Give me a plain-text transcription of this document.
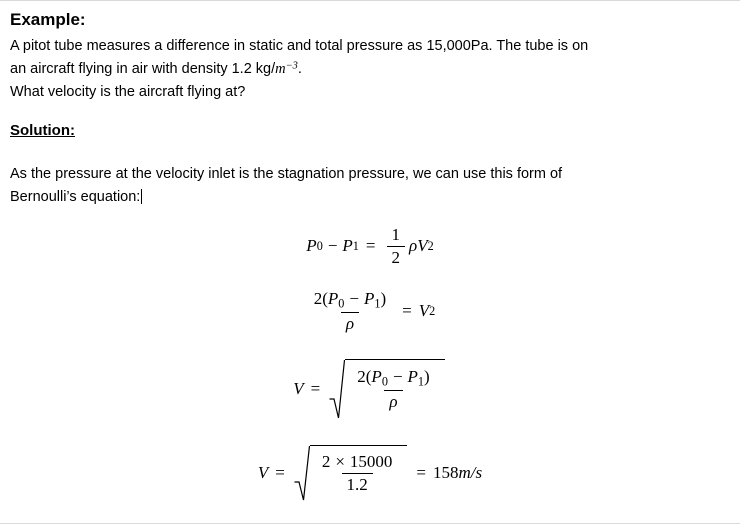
Example:

A pitot tube measures a difference in static and total pressure as 15,000Pa. The tube is on

an aircraft flying in air with density 1.2 $kg/m^{-3}$.

What velocity is the aircraft flying at?

Solution:

As the pressure at the velocity inlet is the stagnation pressure, we can use this form of

Bernoulli’s equation:

P 0 − P $1 = \frac{1}{2}$ ρ V 2
$\frac{2(P_0 - P_1)}{\rho} = V$ 2
V =	$\frac{2(P_0 - P_1)}{\rho}$
V =	$\frac{2 \times 15000}{1.2}$	= 158 m/s
